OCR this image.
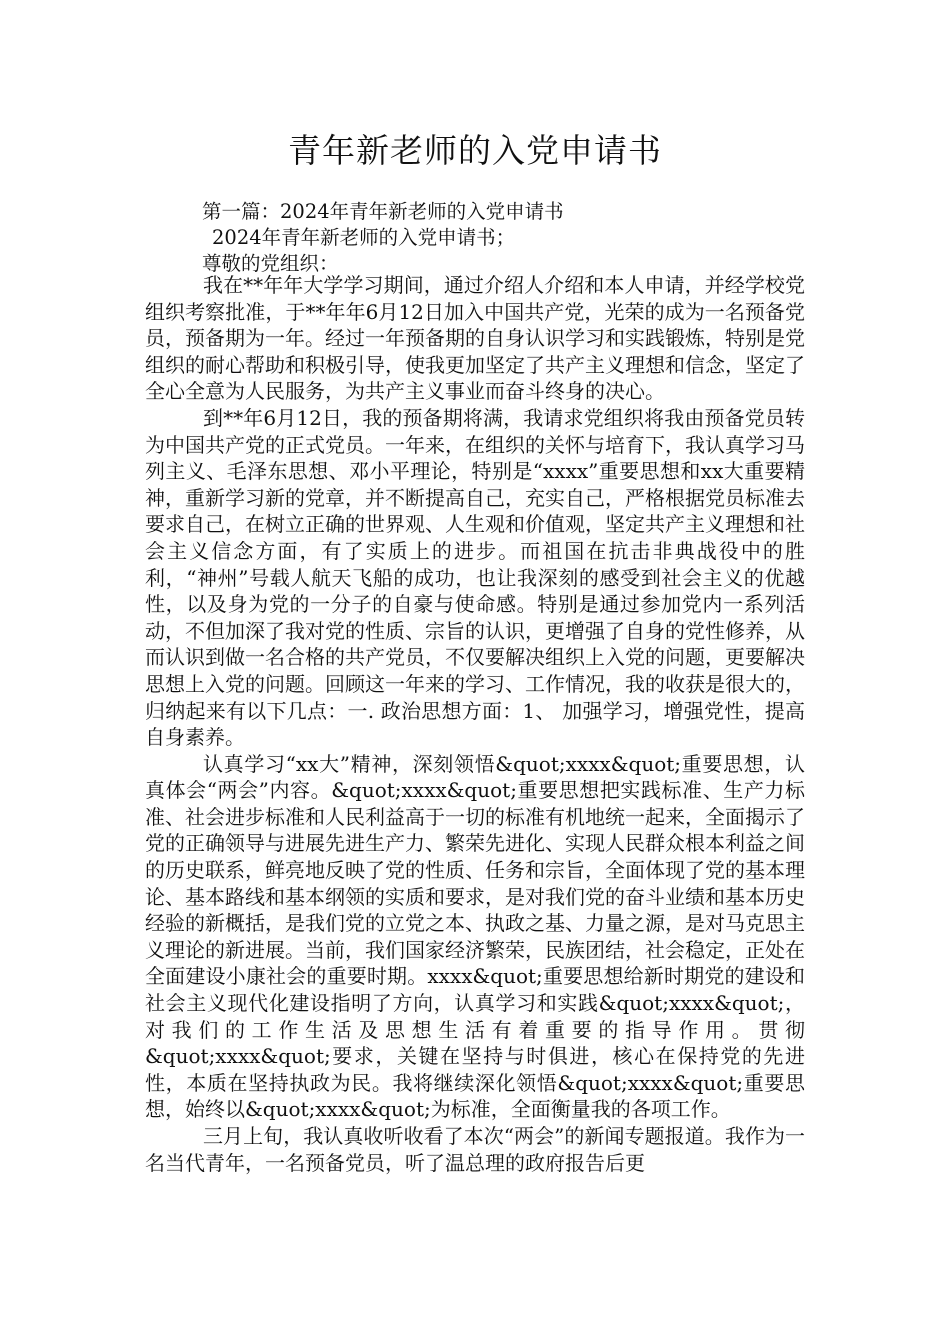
青年新老师的入党申请书
第一篇：2024年青年新老师的入党申请书
2024年青年新老师的入党申请书；
尊敬的党组织：

我在**年年大学学习期间，通过介绍人介绍和本人申请，并经学校党组织考察批准，于**年年6月12日加入中国共产党，光荣的成为一名预备党员，预备期为一年。经过一年预备期的自身认识学习和实践锻炼，特别是党组织的耐心帮助和积极引导，使我更加坚定了共产主义理想和信念，坚定了全心全意为人民服务，为共产主义事业而奋斗终身的决心。

到**年6月12日，我的预备期将满，我请求党组织将我由预备党员转为中国共产党的正式党员。一年来，在组织的关怀与培育下，我认真学习马列主义、毛泽东思想、邓小平理论，特别是“xxxx”重要思想和xx大重要精神，重新学习新的党章，并不断提高自己，充实自己，严格根据党员标准去要求自己，在树立正确的世界观、人生观和价值观，坚定共产主义理想和社会主义信念方面，有了实质上的进步。而祖国在抗击非典战役中的胜利，“神州”号载人航天飞船的成功，也让我深刻的感受到社会主义的优越性，以及身为党的一分子的自豪与使命感。特别是通过参加党内一系列活动，不但加深了我对党的性质、宗旨的认识，更增强了自身的党性修养，从而认识到做一名合格的共产党员，不仅要解决组织上入党的问题，更要解决思想上入党的问题。回顾这一年来的学习、工作情况，我的收获是很大的，归纳起来有以下几点：一. 政治思想方面：1、 加强学习，增强党性，提高自身素养。

认真学习“xx大”精神，深刻领悟&quot;xxxx&quot;重要思想，认真体会“两会”内容。&quot;xxxx&quot;重要思想把实践标准、生产力标准、社会进步标准和人民利益高于一切的标准有机地统一起来，全面揭示了党的正确领导与进展先进生产力、繁荣先进化、实现人民群众根本利益之间的历史联系，鲜亮地反映了党的性质、任务和宗旨，全面体现了党的基本理论、基本路线和基本纲领的实质和要求，是对我们党的奋斗业绩和基本历史经验的新概括，是我们党的立党之本、执政之基、力量之源，是对马克思主义理论的新进展。当前，我们国家经济繁荣，民族团结，社会稳定，正处在全面建设小康社会的重要时期。xxxx&quot;重要思想给新时期党的建设和社会主义现代化建设指明了方向，认真学习和实践&quot;xxxx&quot;，对我们的工作生活及思想生活有着重要的指导作用。贯彻&quot;xxxx&quot;要求，关键在坚持与时俱进，核心在保持党的先进性，本质在坚持执政为民。我将继续深化领悟&quot;xxxx&quot;重要思想，始终以&quot;xxxx&quot;为标准，全面衡量我的各项工作。

三月上旬，我认真收听收看了本次“两会”的新闻专题报道。我作为一名当代青年，一名预备党员，听了温总理的政府报告后更
